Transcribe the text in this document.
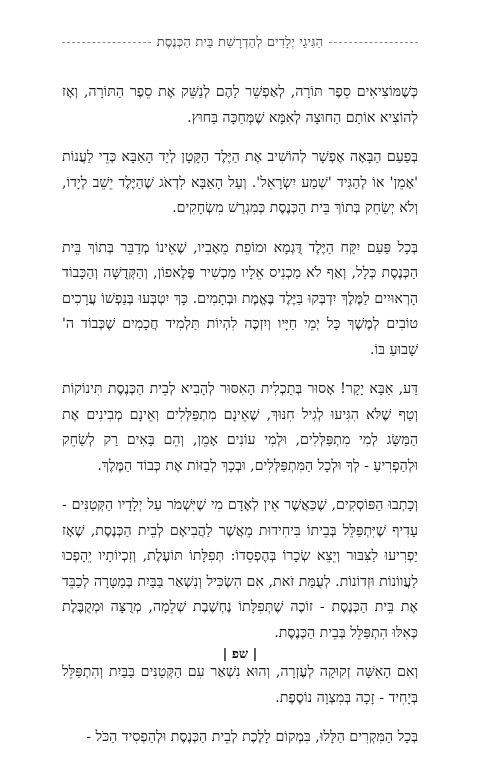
הַגִּיגֵי יְלָדִים לְהַדְרָשַׁת בֵּית הַכְּנֶסֶת

כְּשֶׁמּוֹצִיאִים סֵפֶר תּוֹרָה, לְאַפְשֵׁר לָהֶם לְנַשֵּׁק אֶת סֵפֶר הַתּוֹרָה, וְאָז לְהוֹצִיא אוֹתָם הַחוּצָה לְאִמָּא שֶׁמְּחַכָּה בַּחוּץ.

בְּפַעַם הַבָּאָה אֶפְשָׁר לְהוֹשִׁיב אֶת הַיֶּלֶד הַקָּטָן לְיַד הָאַבָּא כְּדֵי לַעֲנוֹת 'אָמֵן' אוֹ לְהַגִּיד 'שְׁמַע יִשְׂרָאֵל'. וְעַל הָאַבָּא לִדְאֹג שֶׁהַיֶּלֶד יֵשֵׁב לְיָדוֹ, וְלֹא יְשַׂחֵק בְּתוֹךְ בֵּית הַכְּנֶסֶת כְּמִגְרַשׁ מִשְׂחָקִים.

בְּכָל פַּעַם יִקַּח הַיֶּלֶד דֻּגְמָא וּמוֹפֵת מֵאָבִיו, שֶׁאֵינוֹ מְדַבֵּר בְּתוֹךְ בֵּית הַכְּנֶסֶת כְּלָל, וְאַף לֹא מַכְנִיס אֵלָיו מַכְשִׁיר פֶּלֶאפוֹן, וְהַקְּדֻשָּׁה וְהַכָּבוֹד הָרְאוּיִים לַמֶּלֶךְ יִדְבְּקוּ בַּיֶּלֶד בֶּאֱמֶת וּבְתָמִים. כָּךְ יִטְבְּעוּ בְּנַפְשׁוֹ עֲרָכִים טוֹבִים לְמֶשֶׁךְ כָּל יְמֵי חַיָּיו וְיִזְכֶּה לִהְיוֹת תַּלְמִיד חֲכָמִים שֶׁכְּבוֹד ה' שָׁבוּעַ בּוֹ.

דַּע, אַבָּא יָקָר! אָסוּר בְּתַכְלִית הָאִסּוּר לְהָבִיא לְבֵית הַכְּנֶסֶת תִּינוֹקוֹת וְטַף שֶׁלֹּא הִגִּיעוּ לְגִיל חִנּוּךְ, שֶׁאֵינָם מִתְפַּלְּלִים וְאֵינָם מְבִינִים אֶת הַמַּשָּׂג לְמִי מִתְפַּלְּלִים, וּלְמִי עוֹנִים אָמֵן, וְהֵם בָּאִים רַק לְשַׂחֵק וּלְהַפְרִיעַ - לְךָ וּלְכָל הַמִּתְפַּלְּלִים, וּבְכָךְ לְבַזּוֹת אֶת כְּבוֹד הַמֶּלֶךְ.

וְכָתְבוּ הַפּוֹסְקִים, שֶׁכַּאֲשֶׁר אֵין לְאָדָם מִי שֶׁיִּשְׁמֹר עַל יְלָדָיו הַקְּטַנִּים - עָדִיף שֶׁיִּתְפַּלֵּל בְּבֵיתוֹ בִּיחִידוּת מֵאֲשֶׁר לַהֲבִיאָם לְבֵית הַכְּנֶסֶת, שֶׁאָז יַפְרִיעוּ לַצִּבּוּר וְיֵצֵא שְׂכָרוֹ בְּהֶפְסֵדוֹ: תְּפִלָּתוֹ תּוֹעֶלֶת, וְזִכְיוֹתָיו יֵהָפְכוּ לַעֲווֹנוֹת וּזְדוֹנוֹת. לְעֻמַּת זֹאת, אִם הִשְׂכִּיל וְנִשְׁאַר בַּבַּיִת בְּמַטָּרָה לְכַבֵּד אֶת בֵּית הַכְּנֶסֶת - זוֹכֶה שֶׁתְּפִלָּתוֹ נֶחְשֶׁבֶת שְׁלֵמָה, מְרֻצָּה וּמְקֻבֶּלֶת כְּאִלּוּ הִתְפַּלֵּל בְּבֵית הַכְּנֶסֶת.

וְאִם הָאִשָּׁה זְקוּקָה לְעֶזְרָה, וְהוּא נִשְׁאַר עִם הַקְּטַנִּים בַּבַּיִת וְהִתְפַּלֵּל בְּיָחִיד - זָכָה בְּמִצְוָה נוֹסֶפֶת.

בְּכָל הַמִּקְרִים הַלָּלוּ, בִּמְקוֹם לָלֶכֶת לְבֵית הַכְּנֶסֶת וּלְהַפְסִיד הַכֹּל -

| שפ |
